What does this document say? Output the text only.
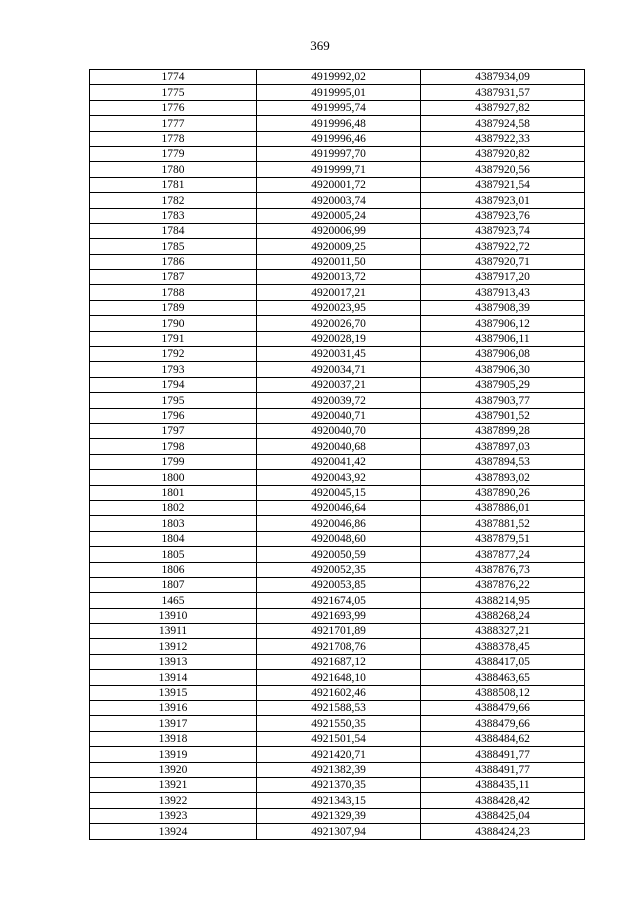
369
1774	4919992,02	4387934,09
1775	4919995,01	4387931,57
1776	4919995,74	4387927,82
1777	4919996,48	4387924,58
1778	4919996,46	4387922,33
1779	4919997,70	4387920,82
1780	4919999,71	4387920,56
1781	4920001,72	4387921,54
1782	4920003,74	4387923,01
1783	4920005,24	4387923,76
1784	4920006,99	4387923,74
1785	4920009,25	4387922,72
1786	4920011,50	4387920,71
1787	4920013,72	4387917,20
1788	4920017,21	4387913,43
1789	4920023,95	4387908,39
1790	4920026,70	4387906,12
1791	4920028,19	4387906,11
1792	4920031,45	4387906,08
1793	4920034,71	4387906,30
1794	4920037,21	4387905,29
1795	4920039,72	4387903,77
1796	4920040,71	4387901,52
1797	4920040,70	4387899,28
1798	4920040,68	4387897,03
1799	4920041,42	4387894,53
1800	4920043,92	4387893,02
1801	4920045,15	4387890,26
1802	4920046,64	4387886,01
1803	4920046,86	4387881,52
1804	4920048,60	4387879,51
1805	4920050,59	4387877,24
1806	4920052,35	4387876,73
1807	4920053,85	4387876,22
1465	4921674,05	4388214,95
13910	4921693,99	4388268,24
13911	4921701,89	4388327,21
13912	4921708,76	4388378,45
13913	4921687,12	4388417,05
13914	4921648,10	4388463,65
13915	4921602,46	4388508,12
13916	4921588,53	4388479,66
13917	4921550,35	4388479,66
13918	4921501,54	4388484,62
13919	4921420,71	4388491,77
13920	4921382,39	4388491,77
13921	4921370,35	4388435,11
13922	4921343,15	4388428,42
13923	4921329,39	4388425,04
13924	4921307,94	4388424,23
